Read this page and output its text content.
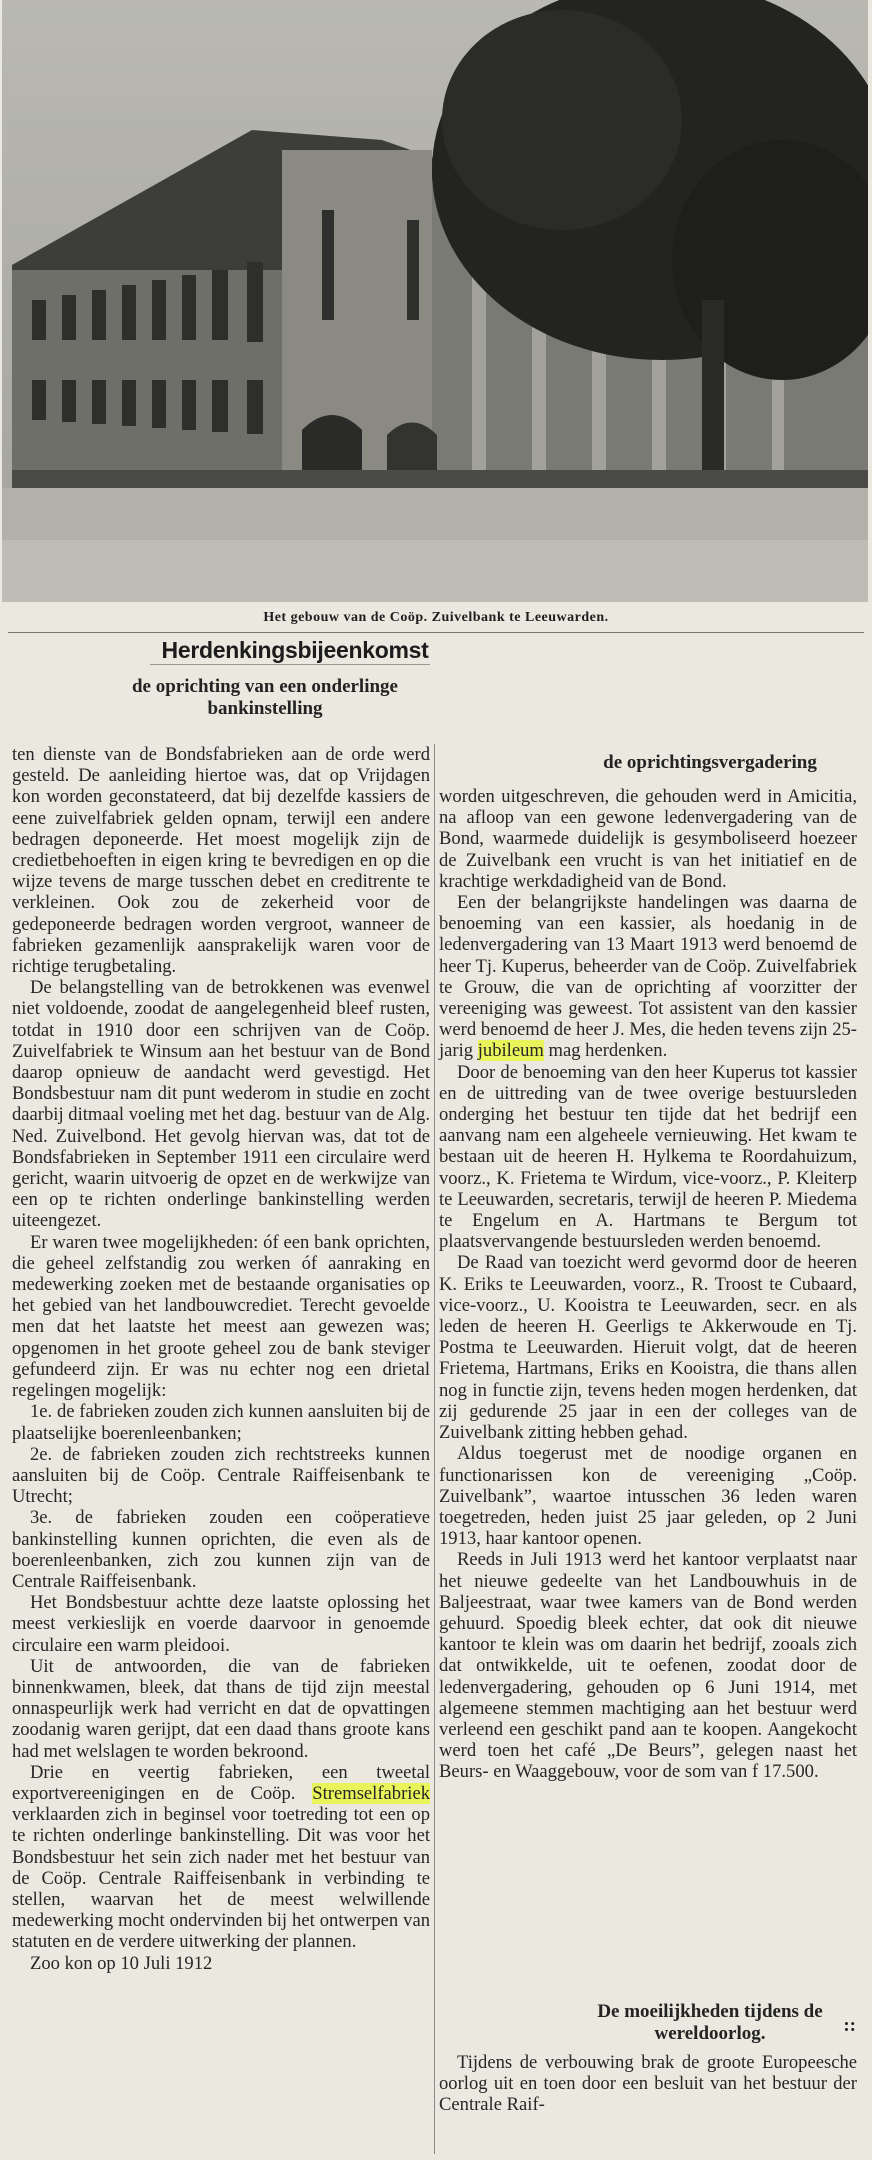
Het gebouw van de Coöp. Zuivelbank te Leeuwarden.
Herdenkingsbijeenkomst
de oprichting van een onderlinge bankinstelling

ten dienste van de Bondsfabrieken aan de orde werd gesteld. De aanleiding hiertoe was, dat op Vrijdagen kon worden geconstateerd, dat bij dezelfde kassiers de eene zuivelfabriek gelden opnam, terwijl een andere bedragen deponeerde. Het moest mogelijk zijn de credietbehoeften in eigen kring te bevredigen en op die wijze tevens de marge tusschen debet en creditrente te verkleinen. Ook zou de zekerheid voor de gedeponeerde bedragen worden vergroot, wanneer de fabrieken gezamenlijk aansprakelijk waren voor de richtige terugbetaling.

De belangstelling van de betrokkenen was evenwel niet voldoende, zoodat de aangelegenheid bleef rusten, totdat in 1910 door een schrijven van de Coöp. Zuivelfabriek te Winsum aan het bestuur van de Bond daarop opnieuw de aandacht werd gevestigd. Het Bondsbestuur nam dit punt wederom in studie en zocht daarbij ditmaal voeling met het dag. bestuur van de Alg. Ned. Zuivelbond. Het gevolg hiervan was, dat tot de Bondsfabrieken in September 1911 een circulaire werd gericht, waarin uitvoerig de opzet en de werkwijze van een op te richten onderlinge bankinstelling werden uiteengezet.

Er waren twee mogelijkheden: óf een bank oprichten, die geheel zelfstandig zou werken óf aanraking en medewerking zoeken met de bestaande organisaties op het gebied van het landbouwcrediet. Terecht gevoelde men dat het laatste het meest aan gewezen was; opgenomen in het groote geheel zou de bank steviger gefundeerd zijn. Er was nu echter nog een drietal regelingen mogelijk:

1e. de fabrieken zouden zich kunnen aansluiten bij de plaatselijke boerenleenbanken;

2e. de fabrieken zouden zich rechtstreeks kunnen aansluiten bij de Coöp. Centrale Raiffeisenbank te Utrecht;

3e. de fabrieken zouden een coöperatieve bankinstelling kunnen oprichten, die even als de boerenleenbanken, zich zou kunnen zijn van de Centrale Raiffeisenbank.

Het Bondsbestuur achtte deze laatste oplossing het meest verkieslijk en voerde daarvoor in genoemde circulaire een warm pleidooi.

Uit de antwoorden, die van de fabrieken binnenkwamen, bleek, dat thans de tijd zijn meestal onnaspeurlijk werk had verricht en dat de opvattingen zoodanig waren gerijpt, dat een daad thans groote kans had met welslagen te worden bekroond.

Drie en veertig fabrieken, een tweetal exportvereenigingen en de Coöp. Stremselfabriek verklaarden zich in beginsel voor toetreding tot een op te richten onderlinge bankinstelling. Dit was voor het Bondsbestuur het sein zich nader met het bestuur van de Coöp. Centrale Raiffeisenbank in verbinding te stellen, waarvan het de meest welwillende medewerking mocht ondervinden bij het ontwerpen van statuten en de verdere uitwerking der plannen.

Zoo kon op 10 Juli 1912

de oprichtingsvergadering

worden uitgeschreven, die gehouden werd in Amicitia, na afloop van een gewone ledenvergadering van de Bond, waarmede duidelijk is gesymboliseerd hoezeer de Zuivelbank een vrucht is van het initiatief en de krachtige werkdadigheid van de Bond.

Een der belangrijkste handelingen was daarna de benoeming van een kassier, als hoedanig in de ledenvergadering van 13 Maart 1913 werd benoemd de heer Tj. Kuperus, beheerder van de Coöp. Zuivelfabriek te Grouw, die van de oprichting af voorzitter der vereeniging was geweest. Tot assistent van den kassier werd benoemd de heer J. Mes, die heden tevens zijn 25-jarig jubileum mag herdenken.

Door de benoeming van den heer Kuperus tot kassier en de uittreding van de twee overige bestuursleden onderging het bestuur ten tijde dat het bedrijf een aanvang nam een algeheele vernieuwing. Het kwam te bestaan uit de heeren H. Hylkema te Roordahuizum, voorz., K. Frietema te Wirdum, vice-voorz., P. Kleiterp te Leeuwarden, secretaris, terwijl de heeren P. Miedema te Engelum en A. Hartmans te Bergum tot plaatsvervangende bestuursleden werden benoemd.

De Raad van toezicht werd gevormd door de heeren K. Eriks te Leeuwarden, voorz., R. Troost te Cubaard, vice-voorz., U. Kooistra te Leeuwarden, secr. en als leden de heeren H. Geerligs te Akkerwoude en Tj. Postma te Leeuwarden. Hieruit volgt, dat de heeren Frietema, Hartmans, Eriks en Kooistra, die thans allen nog in functie zijn, tevens heden mogen herdenken, dat zij gedurende 25 jaar in een der colleges van de Zuivelbank zitting hebben gehad.

Aldus toegerust met de noodige organen en functionarissen kon de vereeniging „Coöp. Zuivelbank”, waartoe intusschen 36 leden waren toegetreden, heden juist 25 jaar geleden, op 2 Juni 1913, haar kantoor openen.

Reeds in Juli 1913 werd het kantoor verplaatst naar het nieuwe gedeelte van het Landbouwhuis in de Baljeestraat, waar twee kamers van de Bond werden gehuurd. Spoedig bleek echter, dat ook dit nieuwe kantoor te klein was om daarin het bedrijf, zooals zich dat ontwikkelde, uit te oefenen, zoodat door de ledenvergadering, gehouden op 6 Juni 1914, met algemeene stemmen machtiging aan het bestuur werd verleend een geschikt pand aan te koopen. Aangekocht werd toen het café „De Beurs”, gelegen naast het Beurs- en Waaggebouw, voor de som van f 17.500.

De moeilijkheden tijdens de wereldoorlog.	::

Tijdens de verbouwing brak de groote Europeesche oorlog uit en toen door een besluit van het bestuur der Centrale Raif-
